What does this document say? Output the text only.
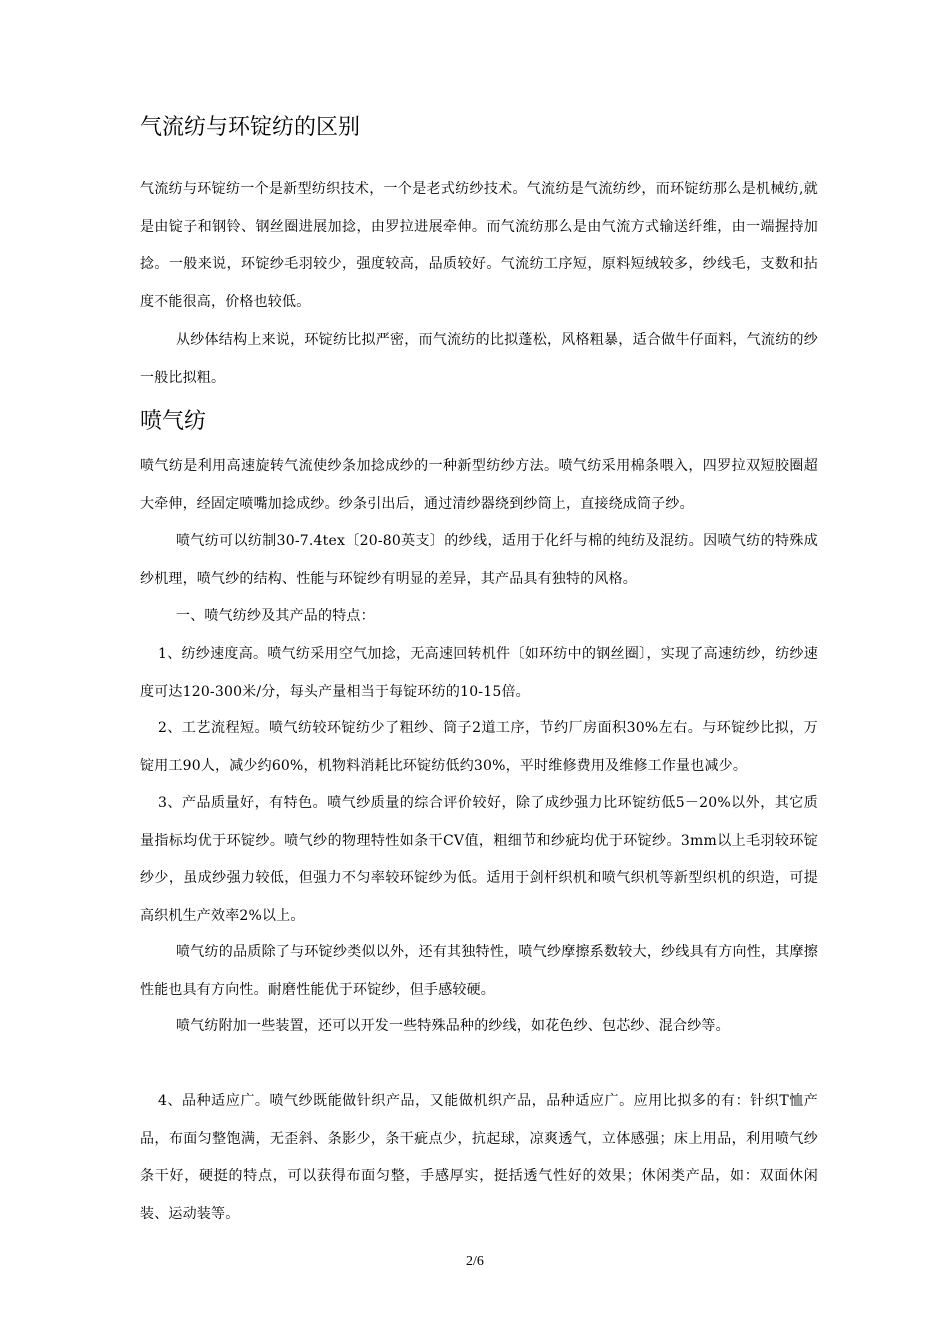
气流纺与环锭纺的区别

气流纺与环锭纺一个是新型纺织技术，一个是老式纺纱技术。气流纺是气流纺纱，而环锭纺那么是机械纺,就是由锭子和钢铃、钢丝圈进展加捻，由罗拉进展牵伸。而气流纺那么是由气流方式输送纤维，由一端握持加捻。一般来说，环锭纱毛羽较少，强度较高，品质较好。气流纺工序短，原料短绒较多，纱线毛，支数和拈度不能很高，价格也较低。

从纱体结构上来说，环锭纺比拟严密，而气流纺的比拟蓬松，风格粗暴，适合做牛仔面料，气流纺的纱一般比拟粗。

喷气纺

喷气纺是利用高速旋转气流使纱条加捻成纱的一种新型纺纱方法。喷气纺采用棉条喂入，四罗拉双短胶圈超大牵伸，经固定喷嘴加捻成纱。纱条引出后，通过清纱器绕到纱筒上，直接绕成筒子纱。

喷气纺可以纺制30-7.4tex〔20-80英支〕的纱线，适用于化纤与棉的纯纺及混纺。因喷气纺的特殊成纱机理，喷气纱的结构、性能与环锭纱有明显的差异，其产品具有独特的风格。

一、喷气纺纱及其产品的特点：

1、纺纱速度高。喷气纺采用空气加捻，无高速回转机件〔如环纺中的钢丝圈〕，实现了高速纺纱，纺纱速度可达120-300米/分，每头产量相当于每锭环纺的10-15倍。

2、工艺流程短。喷气纺较环锭纺少了粗纱、筒子2道工序，节约厂房面积30%左右。与环锭纱比拟，万锭用工90人，减少约60%，机物料消耗比环锭纺低约30%，平时维修费用及维修工作量也减少。

3、产品质量好，有特色。喷气纱质量的综合评价较好，除了成纱强力比环锭纺低5－20%以外，其它质量指标均优于环锭纱。喷气纱的物理特性如条干CV值，粗细节和纱疵均优于环锭纱。3mm以上毛羽较环锭纱少，虽成纱强力较低，但强力不匀率较环锭纱为低。适用于剑杆织机和喷气织机等新型织机的织造，可提高织机生产效率2%以上。

喷气纺的品质除了与环锭纱类似以外，还有其独特性，喷气纱摩擦系数较大，纱线具有方向性，其摩擦性能也具有方向性。耐磨性能优于环锭纱，但手感较硬。

喷气纺附加一些装置，还可以开发一些特殊品种的纱线，如花色纱、包芯纱、混合纱等。

4、品种适应广。喷气纱既能做针织产品，又能做机织产品，品种适应广。应用比拟多的有：针织T恤产品，布面匀整饱满，无歪斜、条影少，条干疵点少，抗起球，凉爽透气，立体感强；床上用品，利用喷气纱条干好，硬挺的特点，可以获得布面匀整，手感厚实，挺括透气性好的效果；休闲类产品，如：双面休闲装、运动装等。

2/6
